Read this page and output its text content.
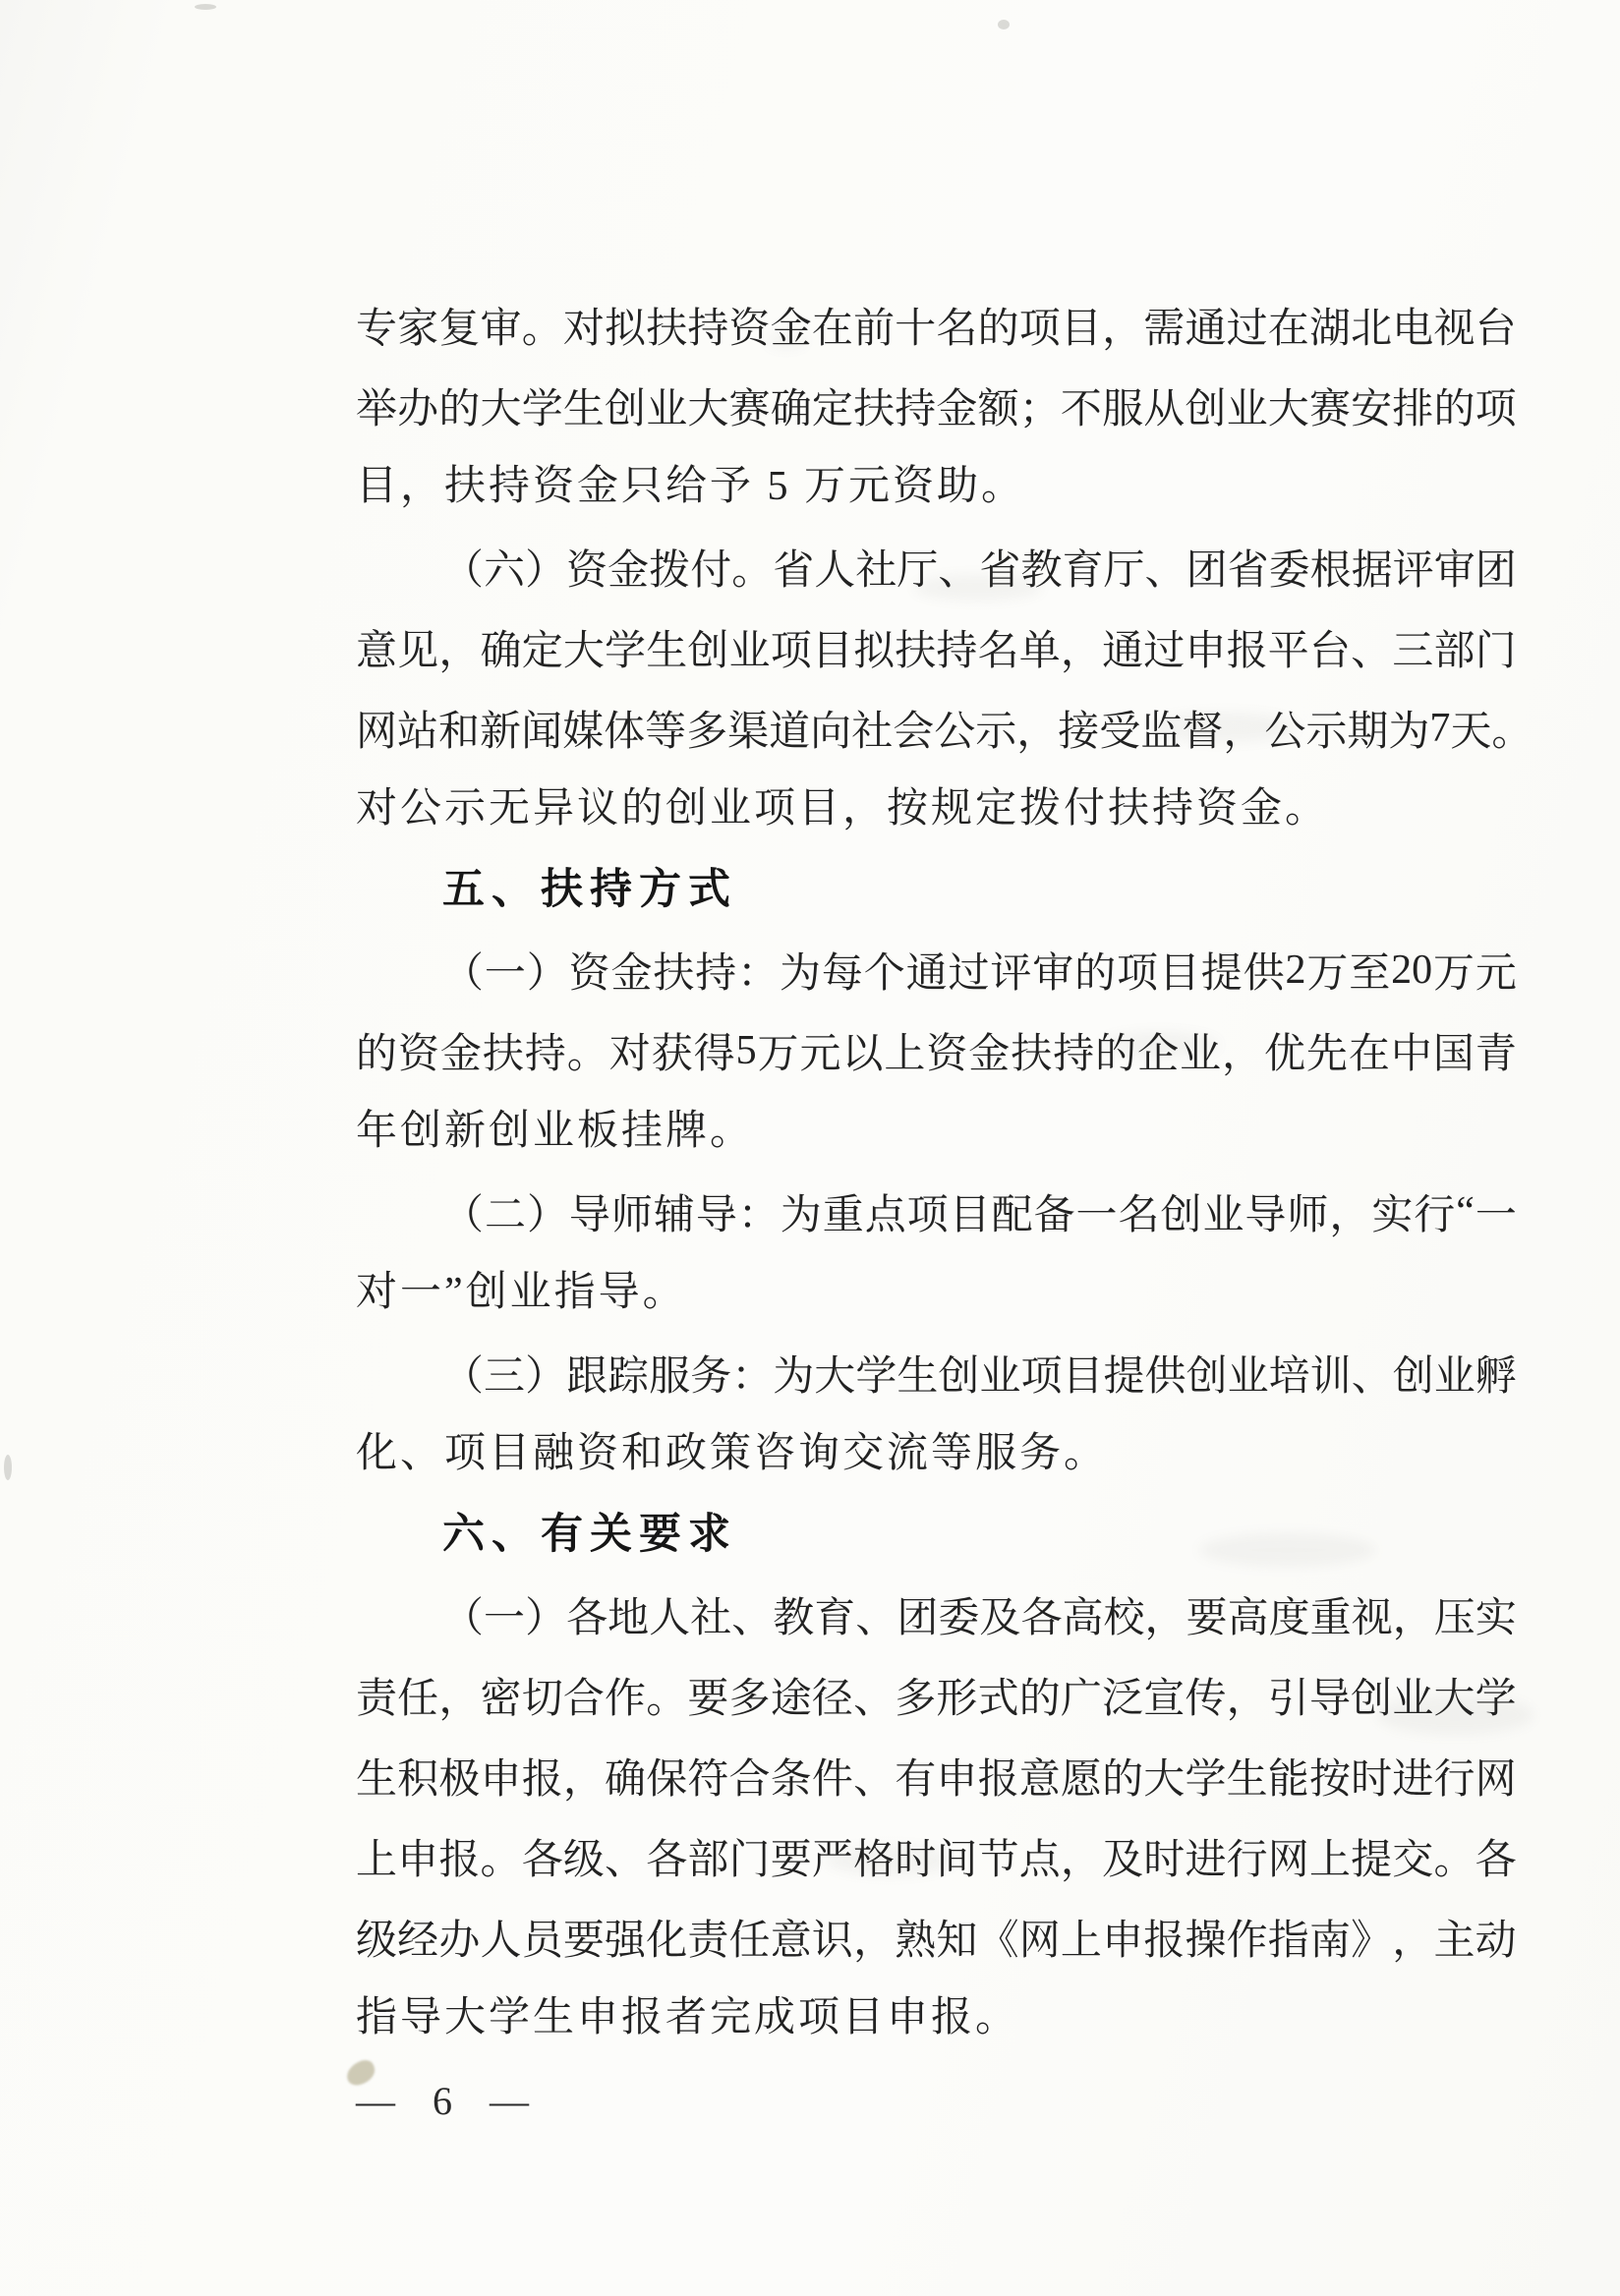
专 家 复 审 。 对 拟 扶 持 资 金 在 前 十 名 的 项 目 ， 需 通 过 在 湖 北 电 视 台
举 办 的 大 学 生 创 业 大 赛 确 定 扶 持 金 额 ； 不 服 从 创 业 大 赛 安 排 的 项
目，扶持资金只给予 5 万元资助。
（ 六 ） 资 金 拨 付 。 省 人 社 厅 、 省 教 育 厅 、 团 省 委 根 据 评 审 团
意 见 ， 确 定 大 学 生 创 业 项 目 拟 扶 持 名 单 ， 通 过 申 报 平 台 、 三 部 门
网 站 和 新 闻 媒 体 等 多 渠 道 向 社 会 公 示 ， 接 受 监 督 ， 公 示 期 为 7 天 。
对公示无异议的创业项目，按规定拨付扶持资金。
五、扶持方式
（ 一 ） 资 金 扶 持 ： 为 每 个 通 过 评 审 的 项 目 提 供 2 万 至 20 万 元
的 资 金 扶 持 。 对 获 得 5 万 元 以 上 资 金 扶 持 的 企 业 ， 优 先 在 中 国 青
年创新创业板挂牌。
（ 二 ） 导 师 辅 导 ： 为 重 点 项 目 配 备 一 名 创 业 导 师 ， 实 行 “ 一
对一”创业指导。
（ 三 ） 跟 踪 服 务 ： 为 大 学 生 创 业 项 目 提 供 创 业 培 训 、 创 业 孵
化、项目融资和政策咨询交流等服务。
六、有关要求
（ 一 ） 各 地 人 社 、 教 育 、 团 委 及 各 高 校 ， 要 高 度 重 视 ， 压 实
责 任 ， 密 切 合 作 。 要 多 途 径 、 多 形 式 的 广 泛 宣 传 ， 引 导 创 业 大 学
生 积 极 申 报 ， 确 保 符 合 条 件 、 有 申 报 意 愿 的 大 学 生 能 按 时 进 行 网
上 申 报 。 各 级 、 各 部 门 要 严 格 时 间 节 点 ， 及 时 进 行 网 上 提 交 。 各
级 经 办 人 员 要 强 化 责 任 意 识 ， 熟 知 《 网 上 申 报 操 作 指 南 》 ， 主 动
指导大学生申报者完成项目申报。
— 6 —
